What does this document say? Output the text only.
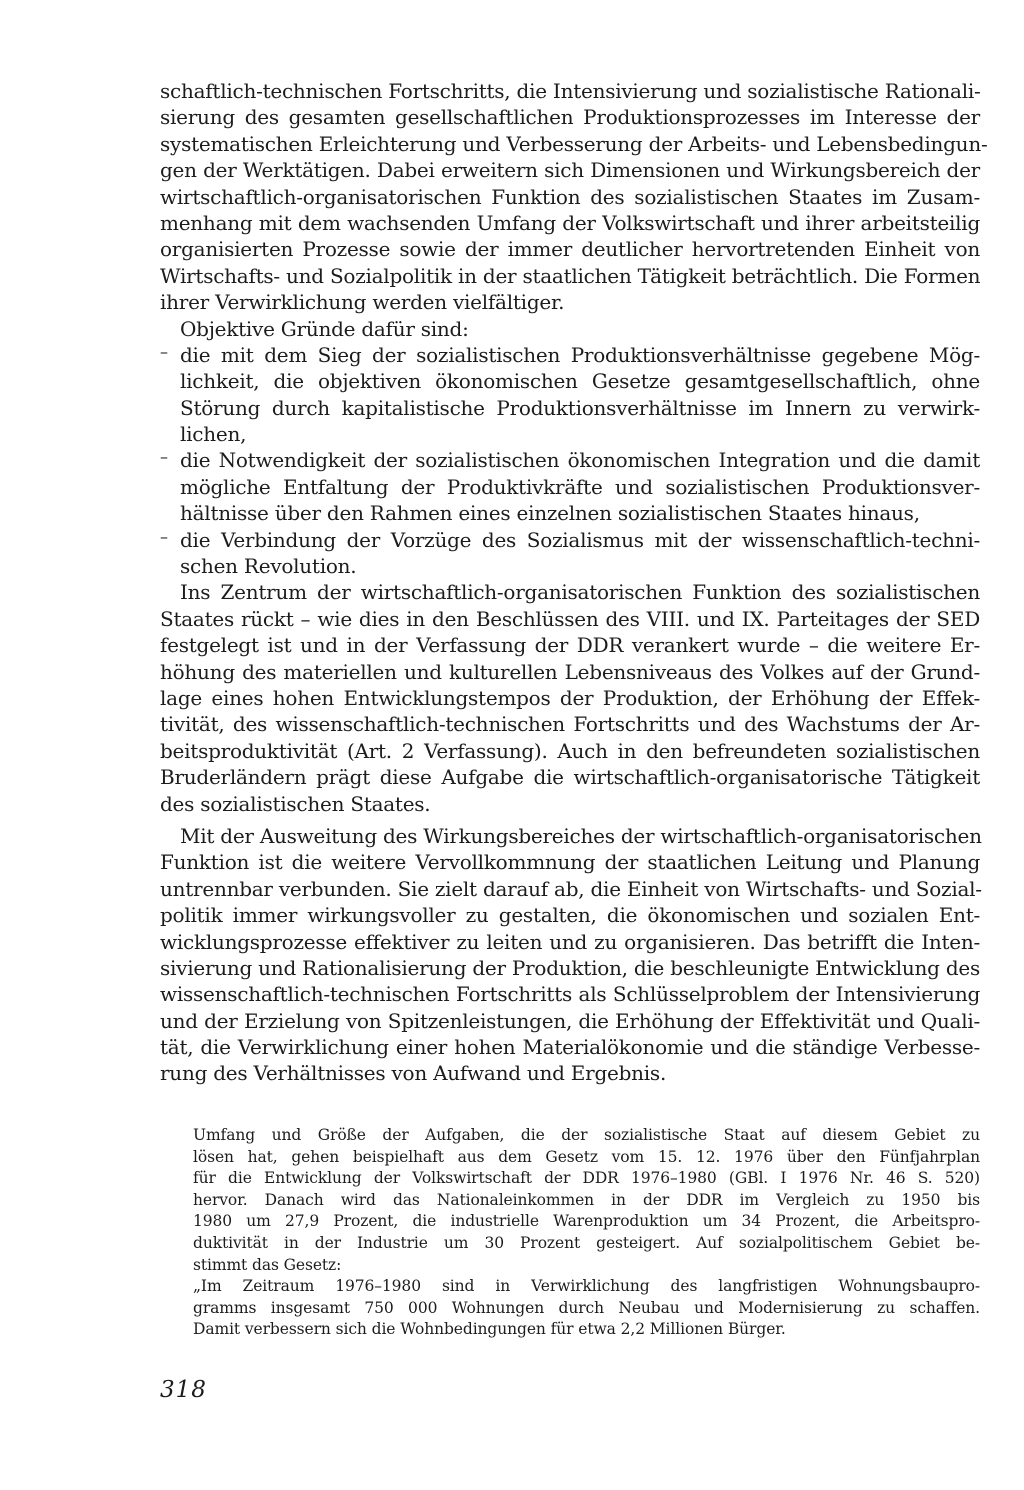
schaftlich-technischen Fortschritts, die Intensivierung und sozialistische Rationali-
sierung des gesamten gesellschaftlichen Produktionsprozesses im Interesse der
systematischen Erleichterung und Verbesserung der Arbeits- und Lebensbedingun-
gen der Werktätigen. Dabei erweitern sich Dimensionen und Wirkungsbereich der
wirtschaftlich-organisatorischen Funktion des sozialistischen Staates im Zusam-
menhang mit dem wachsenden Umfang der Volkswirtschaft und ihrer arbeitsteilig
organisierten Prozesse sowie der immer deutlicher hervortretenden Einheit von
Wirtschafts- und Sozialpolitik in der staatlichen Tätigkeit beträchtlich. Die Formen
ihrer Verwirklichung werden vielfältiger.
Objektive Gründe dafür sind:
– die mit dem Sieg der sozialistischen Produktionsverhältnisse gegebene Mög-
lichkeit, die objektiven ökonomischen Gesetze gesamtgesellschaftlich, ohne
Störung durch kapitalistische Produktionsverhältnisse im Innern zu verwirk-
lichen,
– die Notwendigkeit der sozialistischen ökonomischen Integration und die damit
mögliche Entfaltung der Produktivkräfte und sozialistischen Produktionsver-
hältnisse über den Rahmen eines einzelnen sozialistischen Staates hinaus,
– die Verbindung der Vorzüge des Sozialismus mit der wissenschaftlich-techni-
schen Revolution.
Ins Zentrum der wirtschaftlich-organisatorischen Funktion des sozialistischen
Staates rückt – wie dies in den Beschlüssen des VIII. und IX. Parteitages der SED
festgelegt ist und in der Verfassung der DDR verankert wurde – die weitere Er-
höhung des materiellen und kulturellen Lebensniveaus des Volkes auf der Grund-
lage eines hohen Entwicklungstempos der Produktion, der Erhöhung der Effek-
tivität, des wissenschaftlich-technischen Fortschritts und des Wachstums der Ar-
beitsproduktivität (Art. 2 Verfassung). Auch in den befreundeten sozialistischen
Bruderländern prägt diese Aufgabe die wirtschaftlich-organisatorische Tätigkeit
des sozialistischen Staates.
Mit der Ausweitung des Wirkungsbereiches der wirtschaftlich-organisatorischen
Funktion ist die weitere Vervollkommnung der staatlichen Leitung und Planung
untrennbar verbunden. Sie zielt darauf ab, die Einheit von Wirtschafts- und Sozial-
politik immer wirkungsvoller zu gestalten, die ökonomischen und sozialen Ent-
wicklungsprozesse effektiver zu leiten und zu organisieren. Das betrifft die Inten-
sivierung und Rationalisierung der Produktion, die beschleunigte Entwicklung des
wissenschaftlich-technischen Fortschritts als Schlüsselproblem der Intensivierung
und der Erzielung von Spitzenleistungen, die Erhöhung der Effektivität und Quali-
tät, die Verwirklichung einer hohen Materialökonomie und die ständige Verbesse-
rung des Verhältnisses von Aufwand und Ergebnis.
Umfang und Größe der Aufgaben, die der sozialistische Staat auf diesem Gebiet zu
lösen hat, gehen beispielhaft aus dem Gesetz vom 15. 12. 1976 über den Fünfjahrplan
für die Entwicklung der Volkswirtschaft der DDR 1976–1980 (GBl. I 1976 Nr. 46 S. 520)
hervor. Danach wird das Nationaleinkommen in der DDR im Vergleich zu 1950 bis
1980 um 27,9 Prozent, die industrielle Warenproduktion um 34 Prozent, die Arbeitspro-
duktivität in der Industrie um 30 Prozent gesteigert. Auf sozialpolitischem Gebiet be-
stimmt das Gesetz:
„Im Zeitraum 1976–1980 sind in Verwirklichung des langfristigen Wohnungsbaupro-
gramms insgesamt 750 000 Wohnungen durch Neubau und Modernisierung zu schaffen.
Damit verbessern sich die Wohnbedingungen für etwa 2,2 Millionen Bürger.
318
